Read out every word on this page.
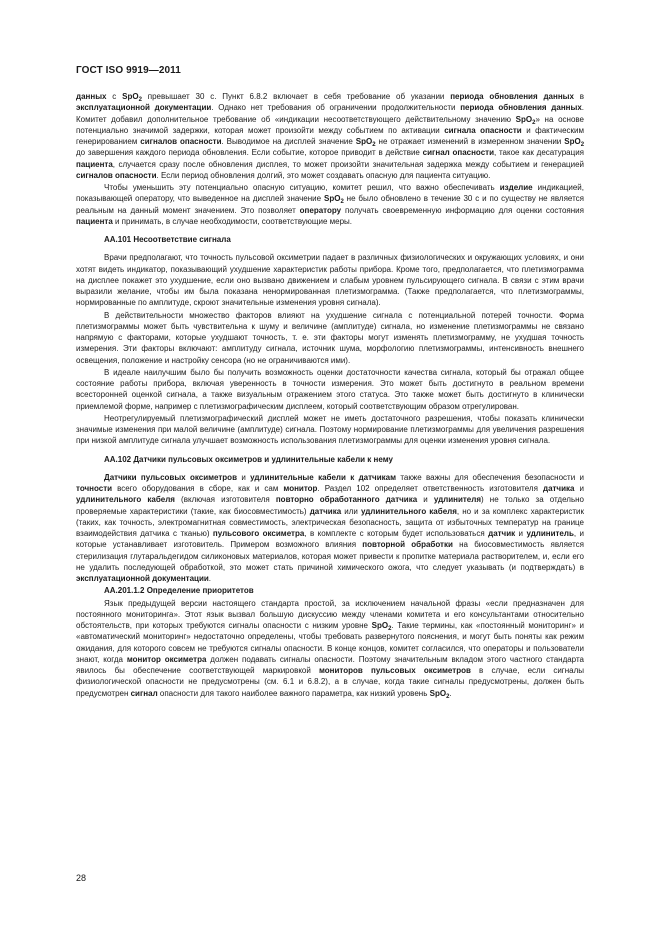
ГОСТ ISO 9919—2011

данных с SpO$_2$ превышает 30 с. Пункт 6.8.2 включает в себя требование об указании периода обновления данных в эксплуатационной документации. Однако нет требования об ограничении продолжительности периода обновления данных. Комитет добавил дополнительное требование об «индикации несоответствующего действительному значению SpO$_2$» на основе потенциально значимой задержки, которая может произойти между событием по активации сигнала опасности и фактическим генерированием сигналов опасности. Выводимое на дисплей значение SpO$_2$ не отражает изменений в измеренном значении SpO$_2$ до завершения каждого периода обновления. Если событие, которое приводит в действие сигнал опасности, такое как десатурация пациента, случается сразу после обновления дисплея, то может произойти значительная задержка между событием и генерацией сигналов опасности. Если период обновления долгий, это может создавать опасную для пациента ситуацию.

Чтобы уменьшить эту потенциально опасную ситуацию, комитет решил, что важно обеспечивать изделие индикацией, показывающей оператору, что выведенное на дисплей значение SpO$_2$ не было обновлено в течение 30 с и по существу не является реальным на данный момент значением. Это позволяет оператору получать своевременную информацию для оценки состояния пациента и принимать, в случае необходимости, соответствующие меры.

АА.101 Несоответствие сигнала

Врачи предполагают, что точность пульсовой оксиметрии падает в различных физиологических и окружающих условиях, и они хотят видеть индикатор, показывающий ухудшение характеристик работы прибора. Кроме того, предполагается, что плетизмограмма на дисплее покажет это ухудшение, если оно вызвано движением и слабым уровнем пульсирующего сигнала. В связи с этим врачи выразили желание, чтобы им была показана ненормированная плетизмограмма. (Также предполагается, что плетизмограммы, нормированные по амплитуде, скроют значительные изменения уровня сигнала).

В действительности множество факторов влияют на ухудшение сигнала с потенциальной потерей точности. Форма плетизмограммы может быть чувствительна к шуму и величине (амплитуде) сигнала, но изменение плетизмограммы не связано напрямую с факторами, которые ухудшают точность, т. е. эти факторы могут изменять плетизмограмму, не ухудшая точность измерения. Эти факторы включают: амплитуду сигнала, источник шума, морфологию плетизмограммы, интенсивность внешнего освещения, положение и настройку сенсора (но не ограничиваются ими).

В идеале наилучшим было бы получить возможность оценки достаточности качества сигнала, который бы отражал общее состояние работы прибора, включая уверенность в точности измерения. Это может быть достигнуто в реальном времени всесторонней оценкой сигнала, а также визуальным отражением этого статуса. Это также может быть достигнуто в клинически приемлемой форме, например с плетизмографическим дисплеем, который соответствующим образом отрегулирован.

Неотрегулируемый плетизмографический дисплей может не иметь достаточного разрешения, чтобы показать клинически значимые изменения при малой величине (амплитуде) сигнала. Поэтому нормирование плетизмограммы для увеличения разрешения при низкой амплитуде сигнала улучшает возможность использования плетизмограммы для оценки изменения уровня сигнала.

АА.102 Датчики пульсовых оксиметров и удлинительные кабели к нему

Датчики пульсовых оксиметров и удлинительные кабели к датчикам также важны для обеспечения безопасности и точности всего оборудования в сборе, как и сам монитор. Раздел 102 определяет ответственность изготовителя датчика и удлинительного кабеля (включая изготовителя повторно обработанного датчика и удлинителя) не только за отдельно проверяемые характеристики (такие, как биосовместимость) датчика или удлинительного кабеля, но и за комплекс характеристик (таких, как точность, электромагнитная совместимость, электрическая безопасность, защита от избыточных температур на границе взаимодействия датчика с тканью) пульсового оксиметра, в комплекте с которым будет использоваться датчик и удлинитель, и которые устанавливает изготовитель. Примером возможного влияния повторной обработки на биосовместимость является стерилизация глутаральдегидом силиконовых материалов, которая может привести к пропитке материала растворителем, и, если его не удалить последующей обработкой, это может стать причиной химического ожога, что следует указывать (и подтверждать) в эксплуатационной документации.

АА.201.1.2 Определение приоритетов

Язык предыдущей версии настоящего стандарта простой, за исключением начальной фразы «если предназначен для постоянного мониторинга». Этот язык вызвал большую дискуссию между членами комитета и его консультантами относительно обстоятельств, при которых требуются сигналы опасности с низким уровне SpO$_2$. Такие термины, как «постоянный мониторинг» и «автоматический мониторинг» недостаточно определены, чтобы требовать развернутого пояснения, и могут быть поняты как режим ожидания, для которого совсем не требуются сигналы опасности. В конце концов, комитет согласился, что операторы и пользователи знают, когда монитор оксиметра должен подавать сигналы опасности. Поэтому значительным вкладом этого частного стандарта явилось бы обеспечение соответствующей маркировкой мониторов пульсовых оксиметров в случае, если сигналы физиологической опасности не предусмотрены (см. 6.1 и 6.8.2), а в случае, когда такие сигналы предусмотрены, должен быть предусмотрен сигнал опасности для такого наиболее важного параметра, как низкий уровень SpO$_2$.

28
